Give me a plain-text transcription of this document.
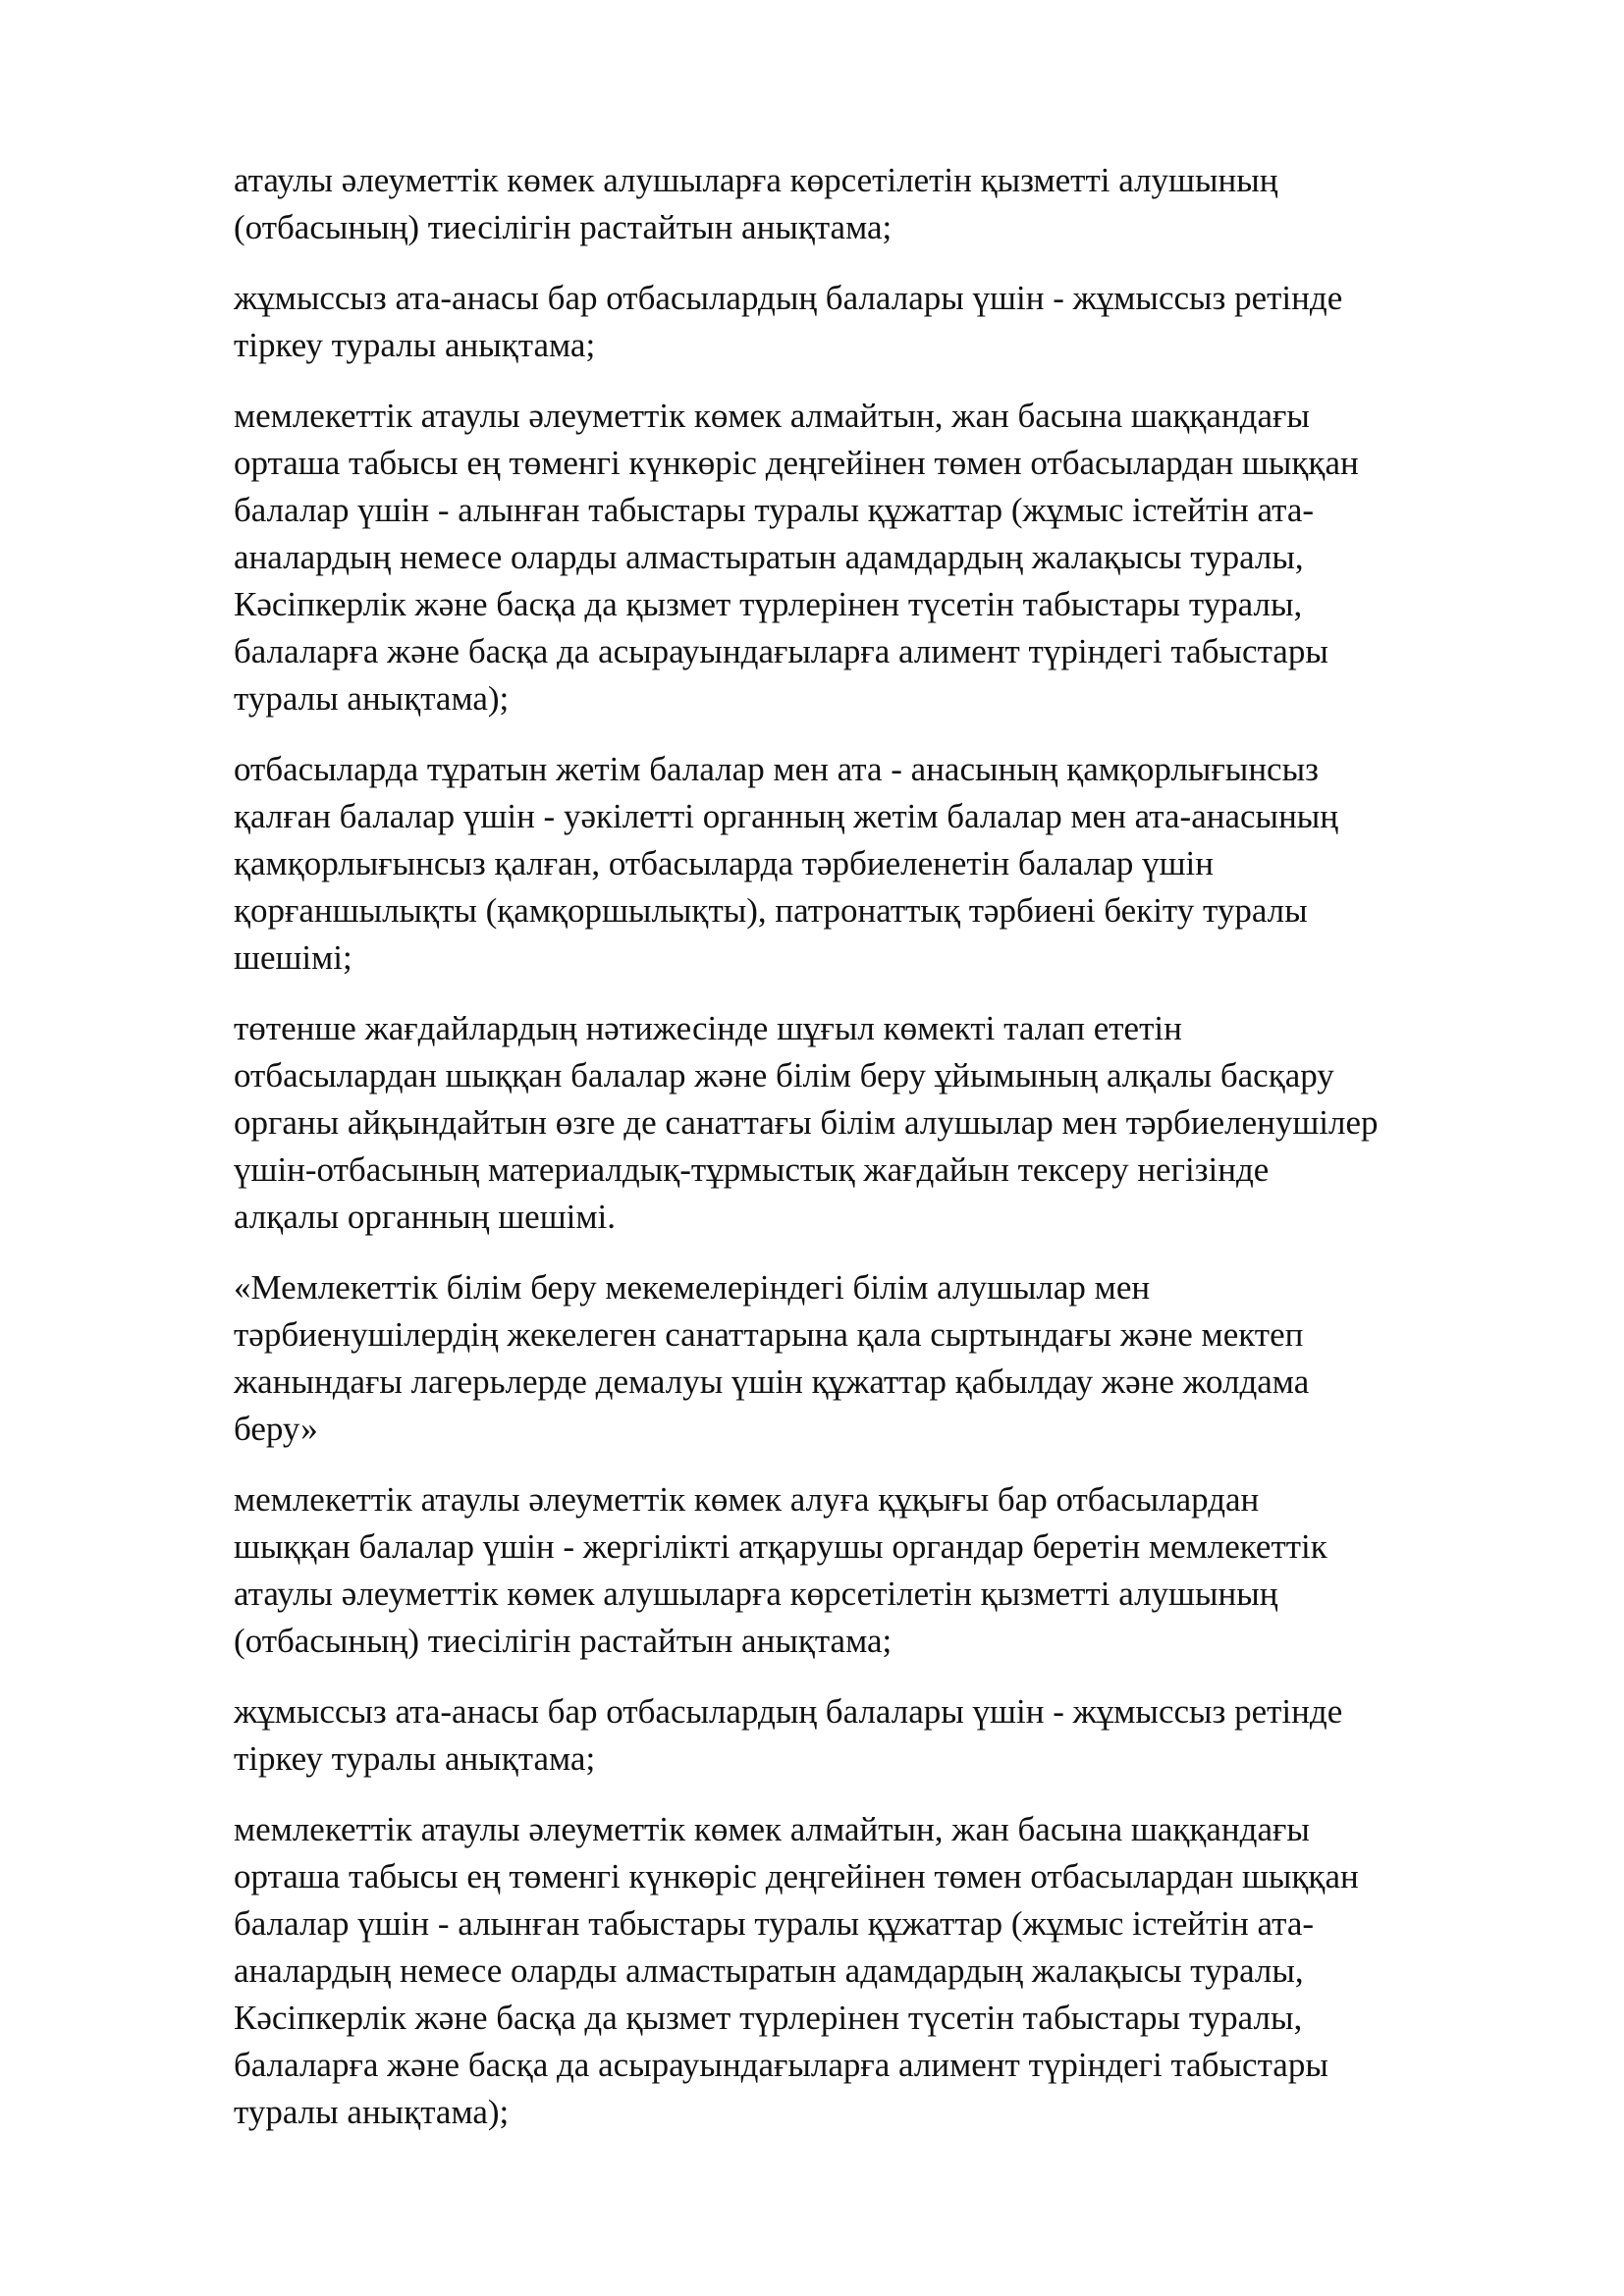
атаулы әлеуметтік көмек алушыларға көрсетілетін қызметті алушының
(отбасының) тиесілігін растайтын анықтама;

жұмыссыз ата-анасы бар отбасылардың балалары үшін - жұмыссыз ретінде
тіркеу туралы анықтама;

мемлекеттік атаулы әлеуметтік көмек алмайтын, жан басына шаққандағы
орташа табысы ең төменгі күнкөріс деңгейінен төмен отбасылардан шыққан
балалар үшін - алынған табыстары туралы құжаттар (жұмыс істейтін ата-
аналардың немесе оларды алмастыратын адамдардың жалақысы туралы,
Кәсіпкерлік және басқа да қызмет түрлерінен түсетін табыстары туралы,
балаларға және басқа да асырауындағыларға алимент түріндегі табыстары
туралы анықтама);

отбасыларда тұратын жетім балалар мен ата - анасының қамқорлығынсыз
қалған балалар үшін - уәкілетті органның жетім балалар мен ата-анасының
қамқорлығынсыз қалған, отбасыларда тәрбиеленетін балалар үшін
қорғаншылықты (қамқоршылықты), патронаттық тәрбиені бекіту туралы
шешімі;

төтенше жағдайлардың нәтижесінде шұғыл көмекті талап ететін
отбасылардан шыққан балалар және білім беру ұйымының алқалы басқару
органы айқындайтын өзге де санаттағы білім алушылар мен тәрбиеленушілер
үшін-отбасының материалдық-тұрмыстық жағдайын тексеру негізінде
алқалы органның шешімі.

«Мемлекеттік білім беру мекемелеріндегі білім алушылар мен
тәрбиенушілердің жекелеген санаттарына қала сыртындағы және мектеп
жанындағы лагерьлерде демалуы үшін құжаттар қабылдау және жолдама
беру»

мемлекеттік атаулы әлеуметтік көмек алуға құқығы бар отбасылардан
шыққан балалар үшін - жергілікті атқарушы органдар беретін мемлекеттік
атаулы әлеуметтік көмек алушыларға көрсетілетін қызметті алушының
(отбасының) тиесілігін растайтын анықтама;

жұмыссыз ата-анасы бар отбасылардың балалары үшін - жұмыссыз ретінде
тіркеу туралы анықтама;

мемлекеттік атаулы әлеуметтік көмек алмайтын, жан басына шаққандағы
орташа табысы ең төменгі күнкөріс деңгейінен төмен отбасылардан шыққан
балалар үшін - алынған табыстары туралы құжаттар (жұмыс істейтін ата-
аналардың немесе оларды алмастыратын адамдардың жалақысы туралы,
Кәсіпкерлік және басқа да қызмет түрлерінен түсетін табыстары туралы,
балаларға және басқа да асырауындағыларға алимент түріндегі табыстары
туралы анықтама);
